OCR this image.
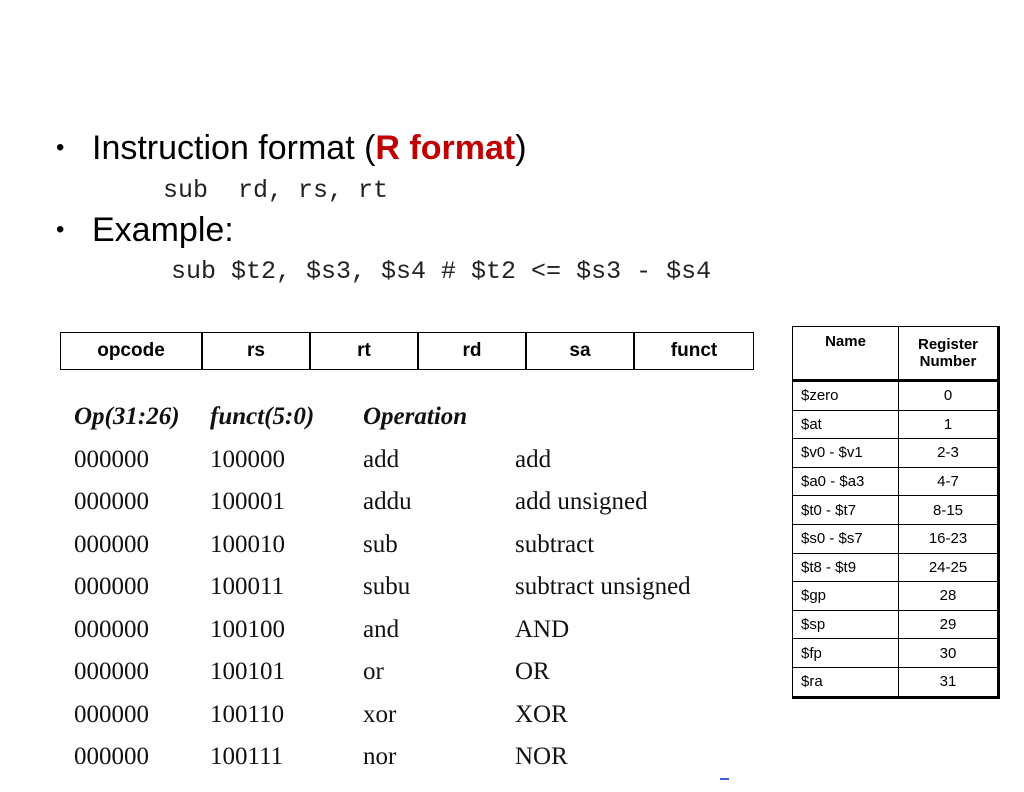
• Instruction format (R format)
sub  rd, rs, rt
• Example:
sub $t2, $s3, $s4 # $t2 <= $s3 - $s4
opcode	rs	rt	rd	sa	funct
Op(31:26) funct(5:0) Operation
000000 100000	add	add
000000 100001	addu	add unsigned
000000 100010	sub	subtract
000000 100011	subu	subtract unsigned
000000 100100	and	AND
000000 100101	or	OR
000000 100110	xor	XOR
000000 100111	nor	NOR
Name	Register Number
$zero	0
$at	1
$v0 - $v1	2-3
$a0 - $a3	4-7
$t0 - $t7	8-15
$s0 - $s7	16-23
$t8 - $t9	24-25
$gp	28
$sp	29
$fp	30
$ra	31
